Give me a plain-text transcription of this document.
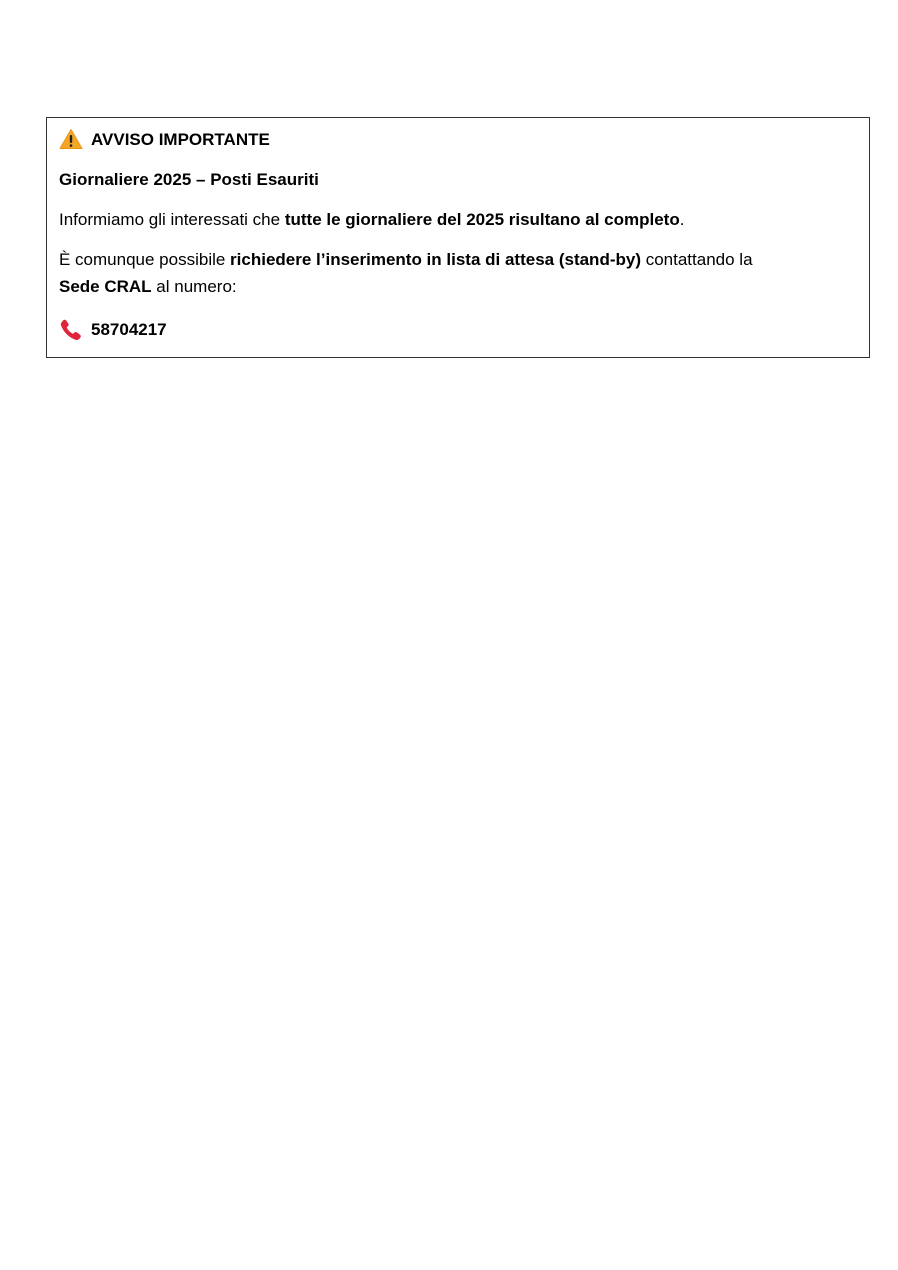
AVVISO IMPORTANTE
Giornaliere 2025 – Posti Esauriti
Informiamo gli interessati che tutte le giornaliere del 2025 risultano al completo.
È comunque possibile richiedere l’inserimento in lista di attesa (stand-by) contattando la
Sede CRAL al numero:
58704217
